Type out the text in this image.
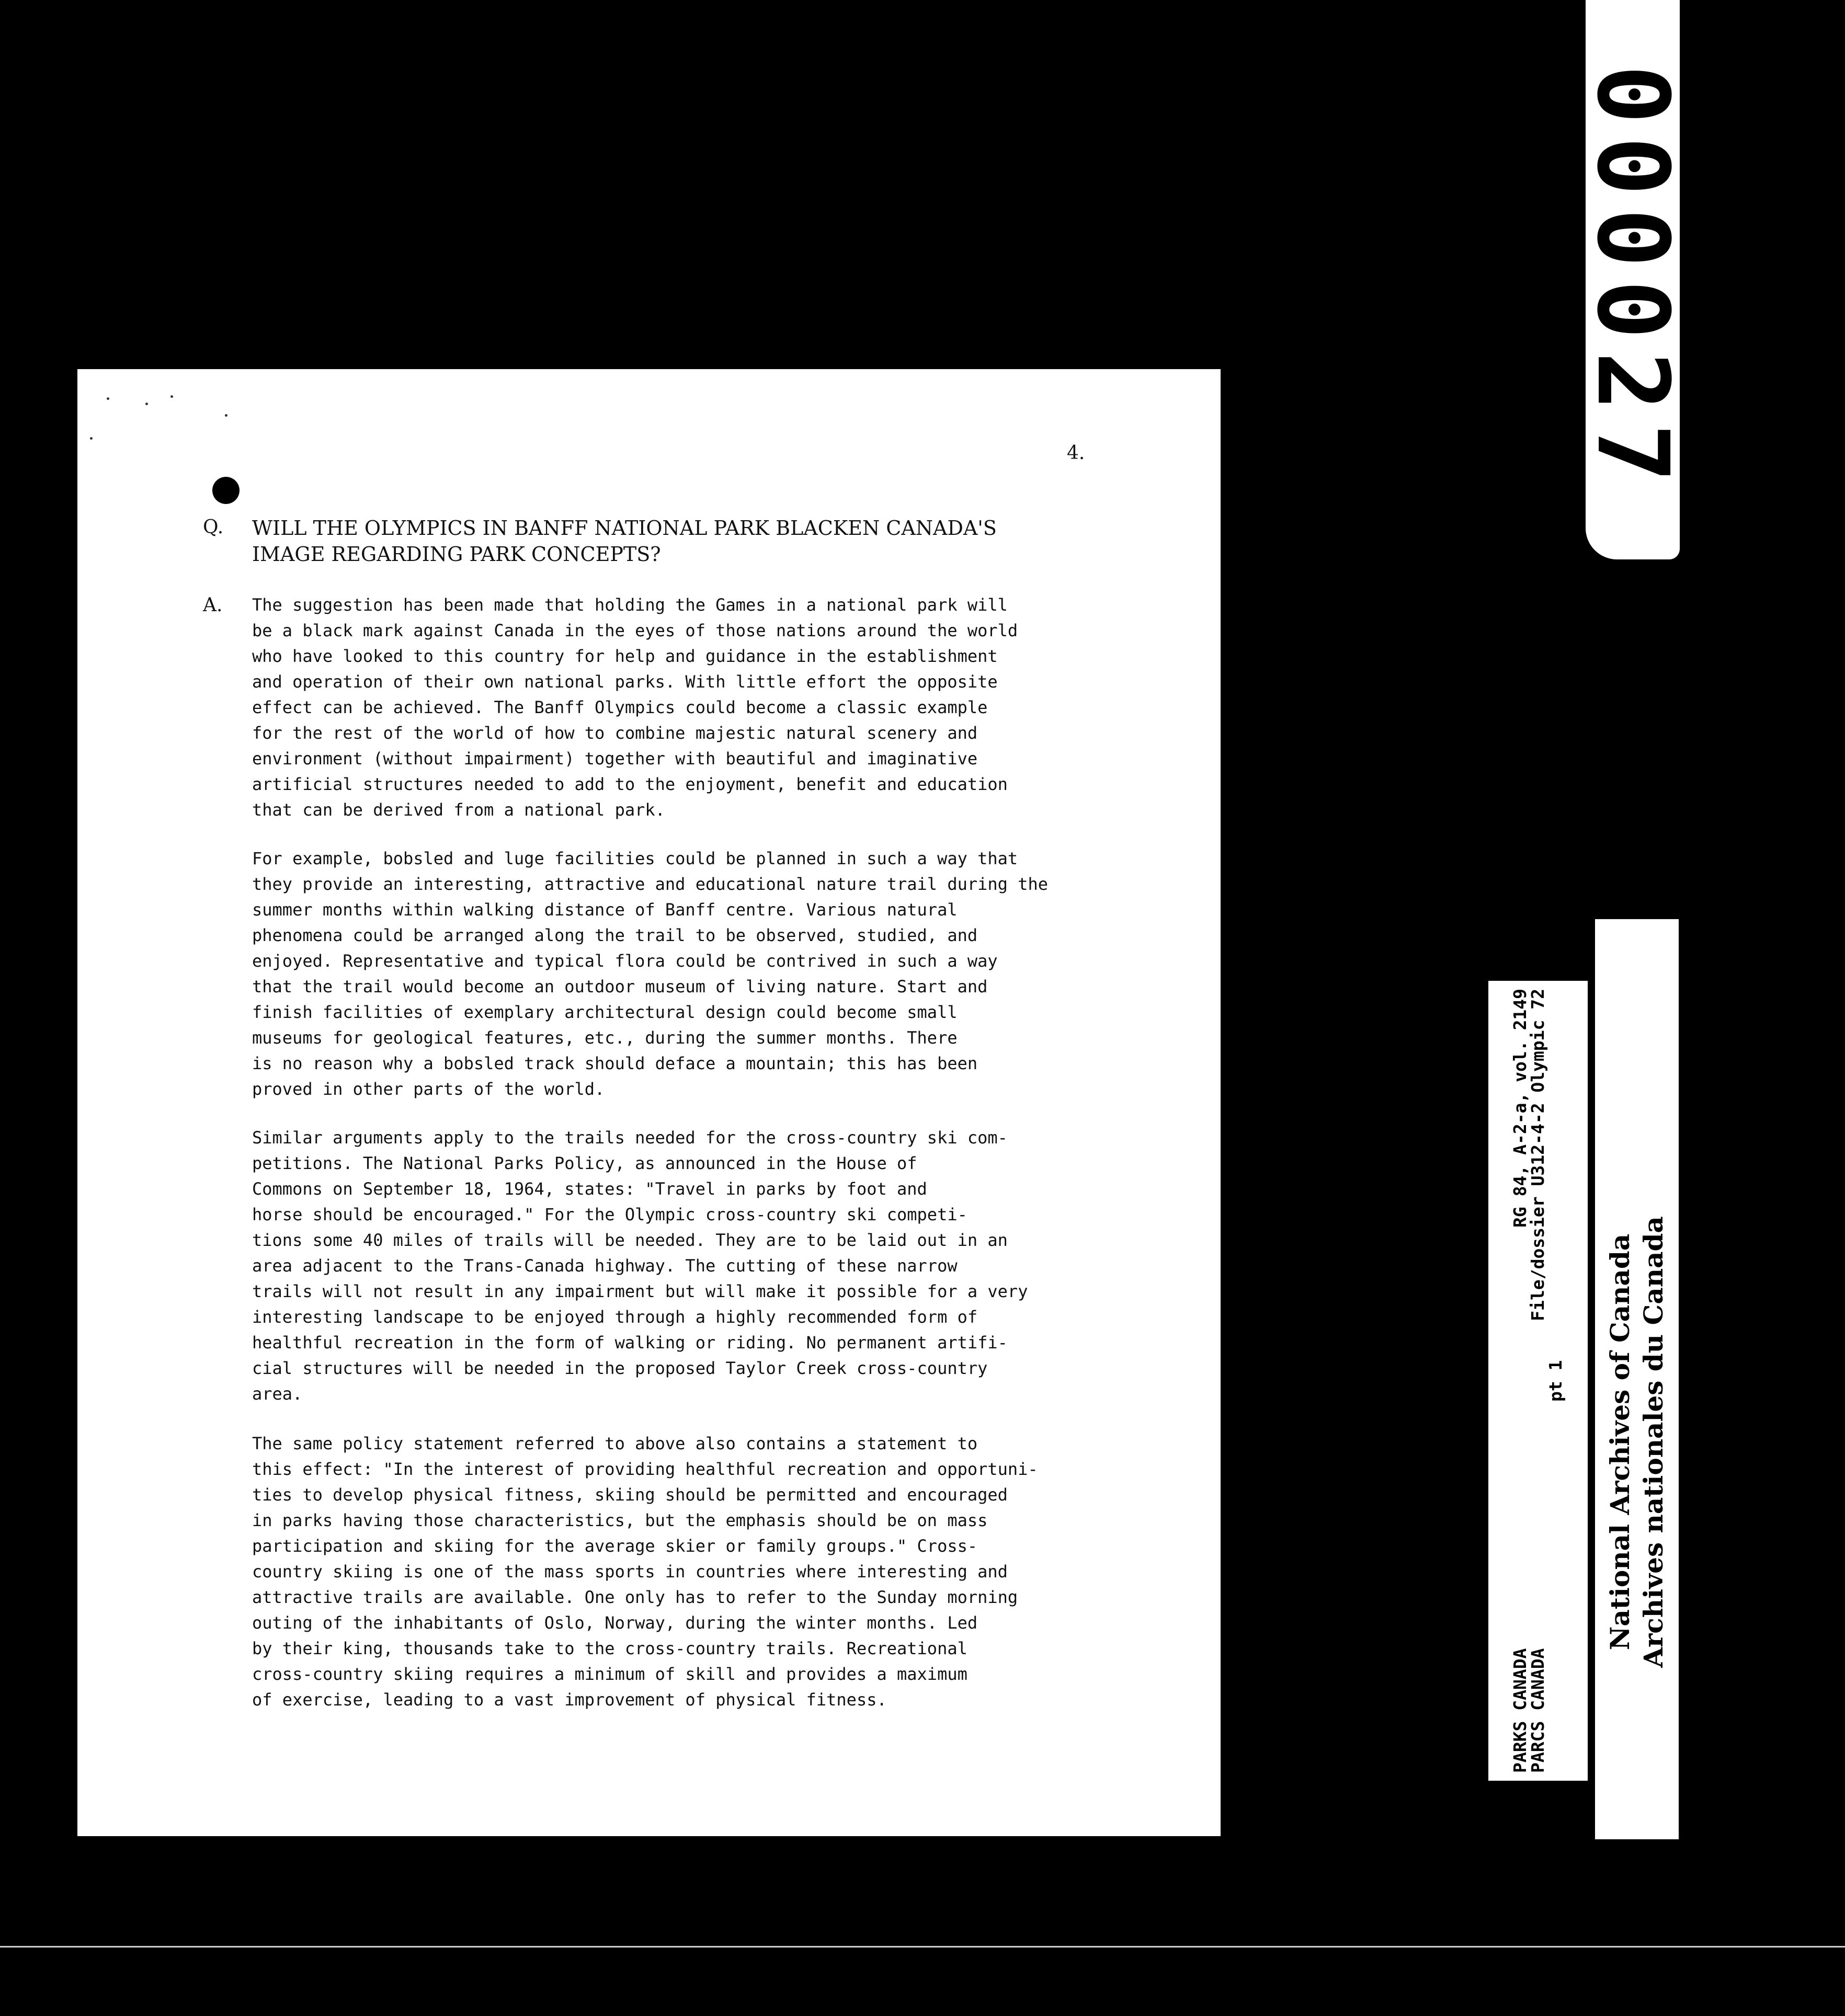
000027
4.
Q. WILL THE OLYMPICS IN BANFF NATIONAL PARK BLACKEN CANADA'S
IMAGE REGARDING PARK CONCEPTS?

A. The suggestion has been made that holding the Games in a national park will
be a black mark against Canada in the eyes of those nations around the world
who have looked to this country for help and guidance in the establishment
and operation of their own national parks. With little effort the opposite
effect can be achieved. The Banff Olympics could become a classic example
for the rest of the world of how to combine majestic natural scenery and
environment (without impairment) together with beautiful and imaginative
artificial structures needed to add to the enjoyment, benefit and education
that can be derived from a national park.

For example, bobsled and luge facilities could be planned in such a way that
they provide an interesting, attractive and educational nature trail during the
summer months within walking distance of Banff centre. Various natural
phenomena could be arranged along the trail to be observed, studied, and
enjoyed. Representative and typical flora could be contrived in such a way
that the trail would become an outdoor museum of living nature. Start and
finish facilities of exemplary architectural design could become small
museums for geological features, etc., during the summer months. There
is no reason why a bobsled track should deface a mountain; this has been
proved in other parts of the world.

Similar arguments apply to the trails needed for the cross-country ski com-
petitions. The National Parks Policy, as announced in the House of
Commons on September 18, 1964, states: "Travel in parks by foot and
horse should be encouraged." For the Olympic cross-country ski competi-
tions some 40 miles of trails will be needed. They are to be laid out in an
area adjacent to the Trans-Canada highway. The cutting of these narrow
trails will not result in any impairment but will make it possible for a very
interesting landscape to be enjoyed through a highly recommended form of
healthful recreation in the form of walking or riding. No permanent artifi-
cial structures will be needed in the proposed Taylor Creek cross-country
area.

The same policy statement referred to above also contains a statement to
this effect: "In the interest of providing healthful recreation and opportuni-
ties to develop physical fitness, skiing should be permitted and encouraged
in parks having those characteristics, but the emphasis should be on mass
participation and skiing for the average skier or family groups." Cross-
country skiing is one of the mass sports in countries where interesting and
attractive trails are available. One only has to refer to the Sunday morning
outing of the inhabitants of Oslo, Norway, during the winter months. Led
by their king, thousands take to the cross-country trails. Recreational
cross-country skiing requires a minimum of skill and provides a maximum
of exercise, leading to a vast improvement of physical fitness.	PARKS CANADA
RG 84, A-2-a, vol. 2149
PARCS CANADA
File/dossier U312-4-2 Olympic 72
pt 1 National Archives of Canada Archives nationales du Canada
